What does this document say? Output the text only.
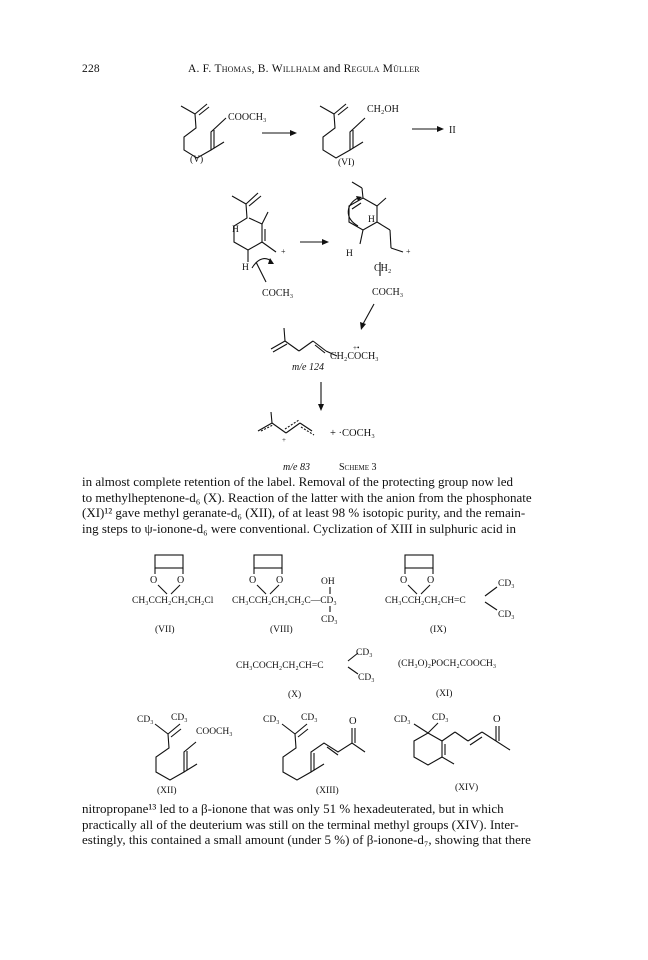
228	A. F. Thomas, B. Willhalm and Regula Müller
COOCH₃
(V)
CH₂OH
(VI)
II
H
H
+
COCH₃
H
H	+
CH₂
COCH₃
CH₂COCH₃
+•
m/e 124
+
+ ·COCH₃
m/e 83	Scheme 3
O O
CH₃CCH₂CH₂CH₂Cl
(VII)
O O	OH
CH₃CCH₂CH₂CH₂C—CD₃
CD₃
(VIII)
O O
CH₃CCH₂CH₂CH=C
CD₃
CD₃
(IX)
CH₃COCH₂CH₂CH=C
CD₃
CD₃
(X)
(CH₃O)₂POCH₂COOCH₃
(XI)
CD₃ CD₃
COOCH₃
(XII)
CD₃ CD₃	O
(XIII)
CD₃ CD₃	O
(XIV)
in almost complete retention of the label. Removal of the protecting group now led
to methylheptenone-d₆ (X). Reaction of the latter with the anion from the phosphonate
(XI)¹² gave methyl geranate-d₆ (XII), of at least 98 % isotopic purity, and the remain-
ing steps to ψ-ionone-d₆ were conventional. Cyclization of XIII in sulphuric acid in
nitropropane¹³ led to a β-ionone that was only 51 % hexadeuterated, but in which
practically all of the deuterium was still on the terminal methyl groups (XIV). Inter-
estingly, this contained a small amount (under 5 %) of β-ionone-d₇, showing that there
